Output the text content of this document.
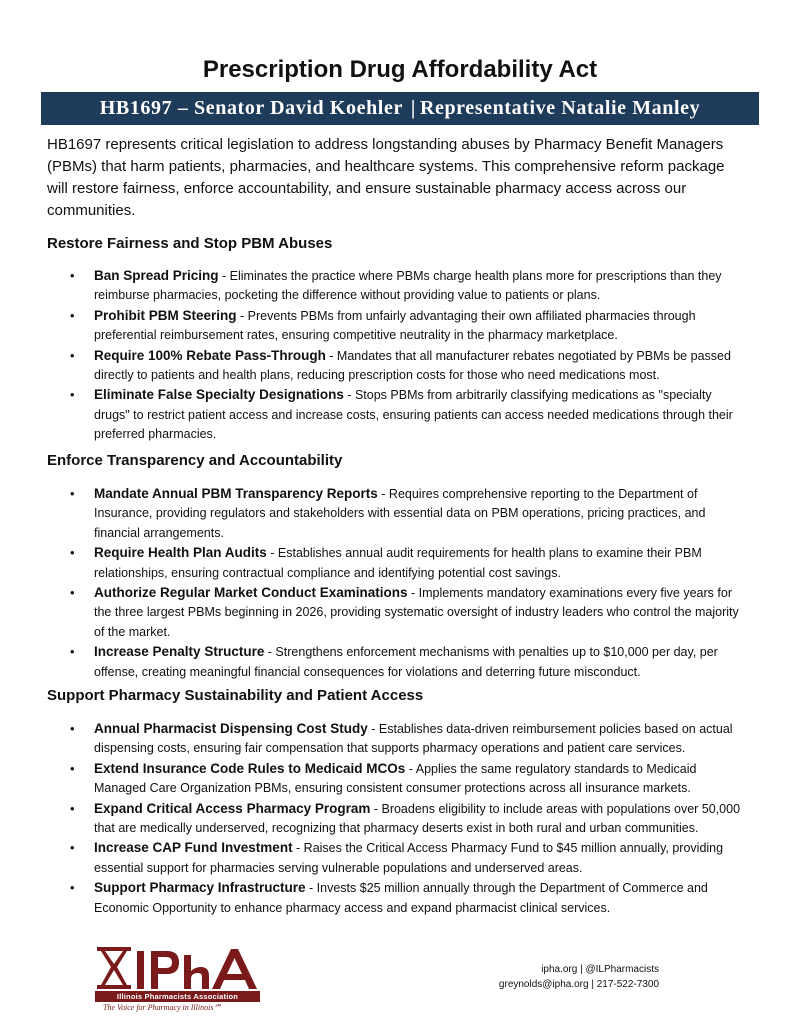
Prescription Drug Affordability Act
HB1697 – Senator David Koehler | Representative Natalie Manley

HB1697 represents critical legislation to address longstanding abuses by Pharmacy Benefit Managers (PBMs) that harm patients, pharmacies, and healthcare systems. This comprehensive reform package will restore fairness, enforce accountability, and ensure sustainable pharmacy access across our communities.

Restore Fairness and Stop PBM Abuses
• Ban Spread Pricing - Eliminates the practice where PBMs charge health plans more for prescriptions than they reimburse pharmacies, pocketing the difference without providing value to patients or plans.
• Prohibit PBM Steering - Prevents PBMs from unfairly advantaging their own affiliated pharmacies through preferential reimbursement rates, ensuring competitive neutrality in the pharmacy marketplace.
• Require 100% Rebate Pass-Through - Mandates that all manufacturer rebates negotiated by PBMs be passed directly to patients and health plans, reducing prescription costs for those who need medications most.
• Eliminate False Specialty Designations - Stops PBMs from arbitrarily classifying medications as "specialty drugs" to restrict patient access and increase costs, ensuring patients can access needed medications through their preferred pharmacies.
Enforce Transparency and Accountability
• Mandate Annual PBM Transparency Reports - Requires comprehensive reporting to the Department of Insurance, providing regulators and stakeholders with essential data on PBM operations, pricing practices, and financial arrangements.
• Require Health Plan Audits - Establishes annual audit requirements for health plans to examine their PBM relationships, ensuring contractual compliance and identifying potential cost savings.
• Authorize Regular Market Conduct Examinations - Implements mandatory examinations every five years for the three largest PBMs beginning in 2026, providing systematic oversight of industry leaders who control the majority of the market.
• Increase Penalty Structure - Strengthens enforcement mechanisms with penalties up to $10,000 per day, per offense, creating meaningful financial consequences for violations and deterring future misconduct.
Support Pharmacy Sustainability and Patient Access
• Annual Pharmacist Dispensing Cost Study - Establishes data-driven reimbursement policies based on actual dispensing costs, ensuring fair compensation that supports pharmacy operations and patient care services.
• Extend Insurance Code Rules to Medicaid MCOs - Applies the same regulatory standards to Medicaid Managed Care Organization PBMs, ensuring consistent consumer protections across all insurance markets.
• Expand Critical Access Pharmacy Program - Broadens eligibility to include areas with populations over 50,000 that are medically underserved, recognizing that pharmacy deserts exist in both rural and urban communities.
• Increase CAP Fund Investment - Raises the Critical Access Pharmacy Fund to $45 million annually, providing essential support for pharmacies serving vulnerable populations and underserved areas.
• Support Pharmacy Infrastructure - Invests $25 million annually through the Department of Commerce and Economic Opportunity to enhance pharmacy access and expand pharmacist clinical services.
Illinois Pharmacists Association
The Voice for Pharmacy in Illinois℠
ipha.org | @ILPharmacists
greynolds@ipha.org | 217-522-7300
